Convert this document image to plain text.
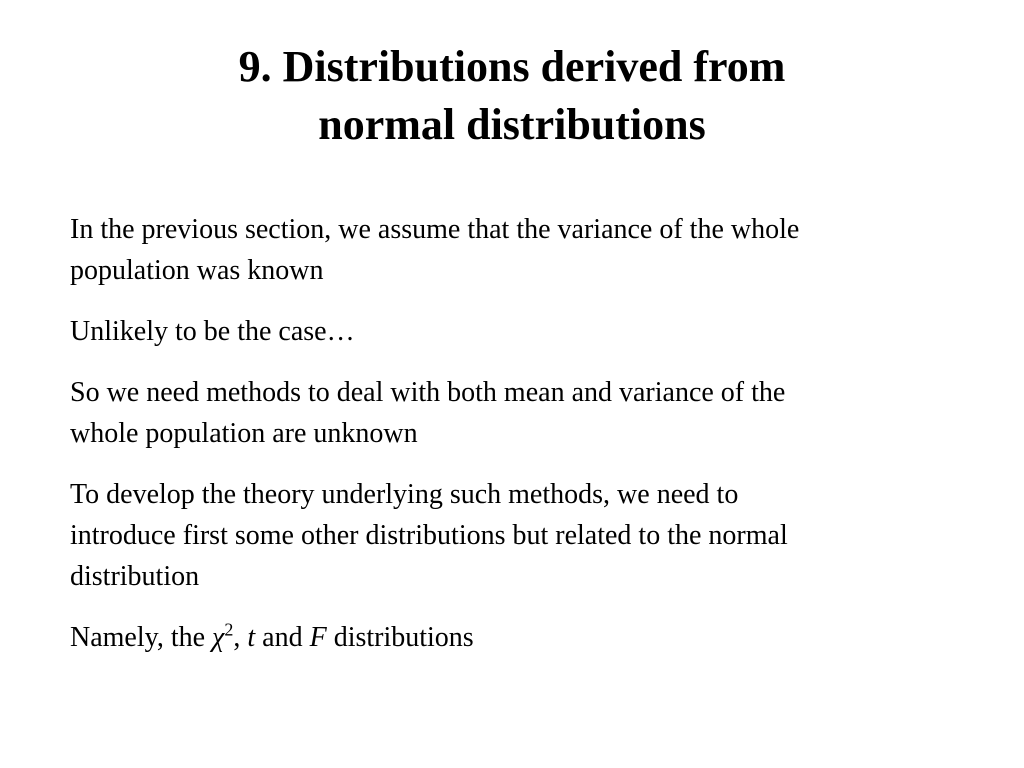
9. Distributions derived from
normal distributions
In the previous section, we assume that the variance of the whole
population was known
Unlikely to be the case…
So we need methods to deal with both mean and variance of the
whole population are unknown
To develop the theory underlying such methods, we need to
introduce first some other distributions but related to the normal
distribution
Namely, the $\chi^2$, t and F distributions
